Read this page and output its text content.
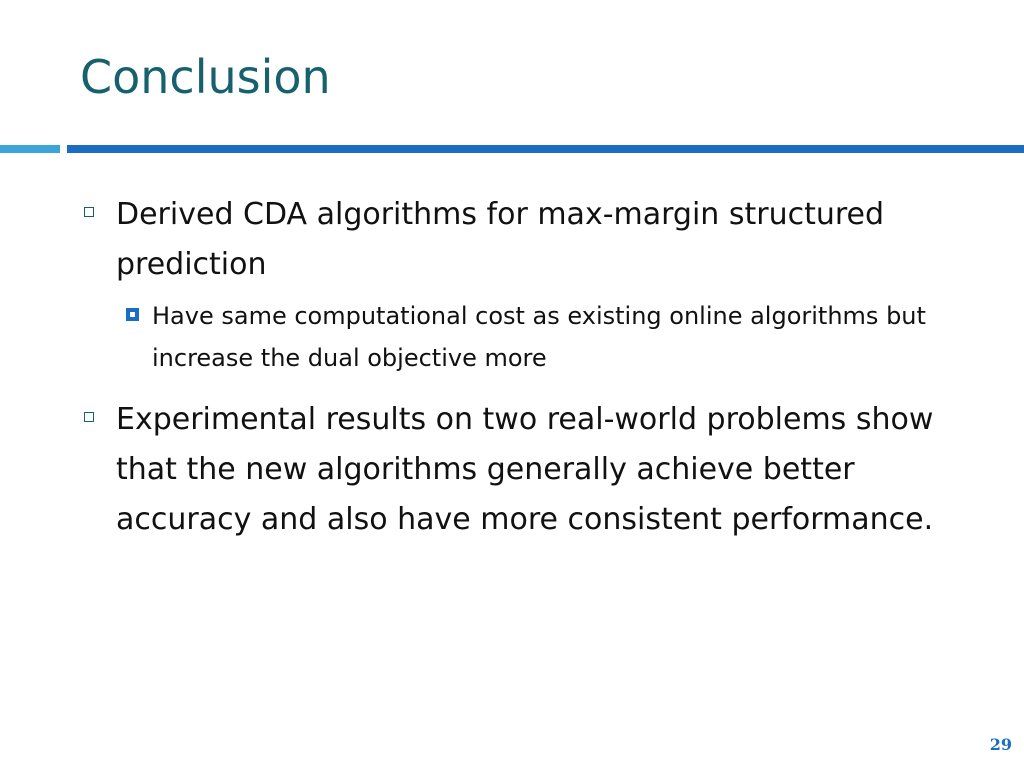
Conclusion
Derived CDA algorithms for max-margin structured prediction
Have same computational cost as existing online algorithms but increase the dual objective more
Experimental results on two real-world problems show that the new algorithms generally achieve better accuracy and also have more consistent performance.
29
